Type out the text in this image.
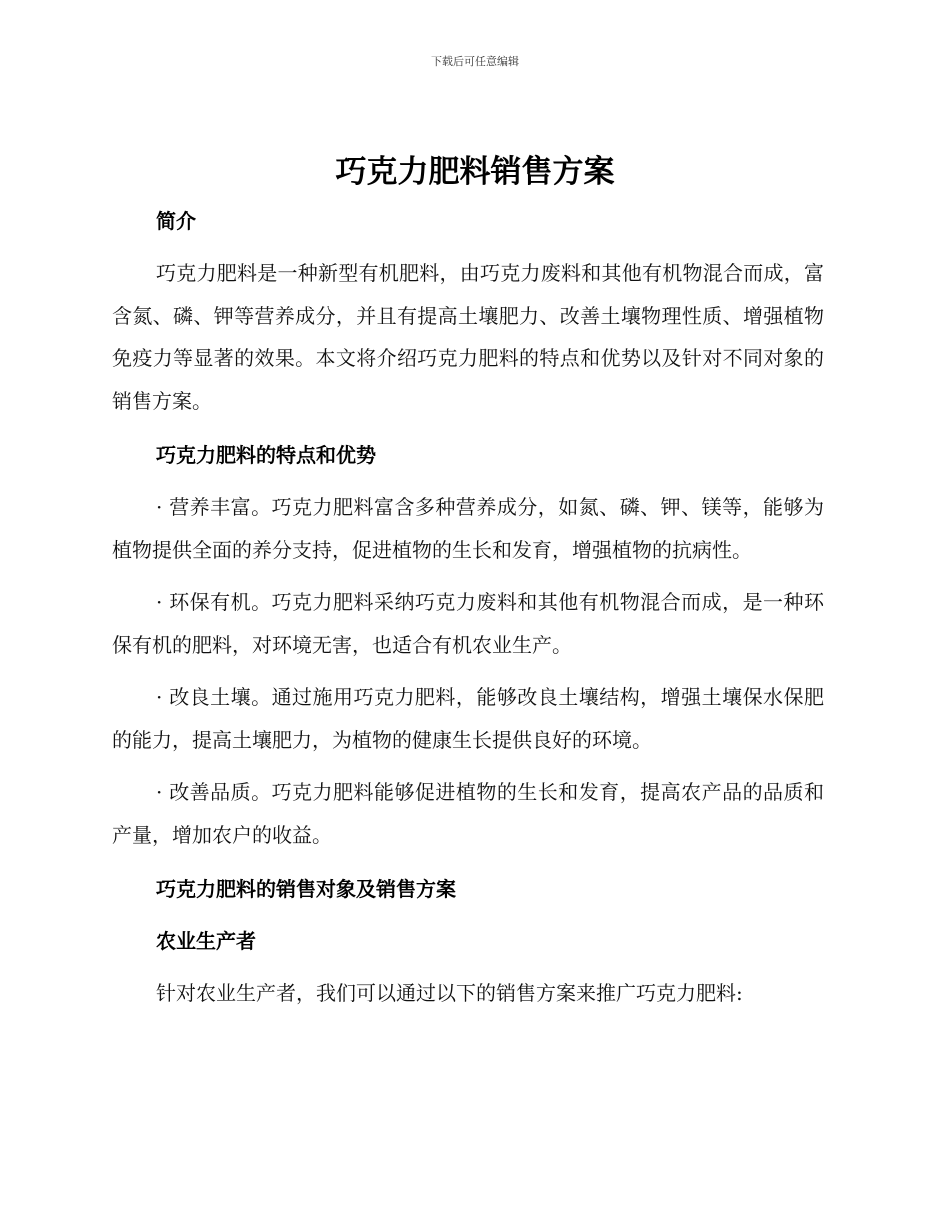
下载后可任意编辑
巧克力肥料销售方案
简介

巧克力肥料是一种新型有机肥料，由巧克力废料和其他有机物混合而成，富含氮、磷、钾等营养成分，并且有提高土壤肥力、改善土壤物理性质、增强植物免疫力等显著的效果。本文将介绍巧克力肥料的特点和优势以及针对不同对象的销售方案。

巧克力肥料的特点和优势

· 营养丰富。巧克力肥料富含多种营养成分，如氮、磷、钾、镁等，能够为植物提供全面的养分支持，促进植物的生长和发育，增强植物的抗病性。

· 环保有机。巧克力肥料采纳巧克力废料和其他有机物混合而成，是一种环保有机的肥料，对环境无害，也适合有机农业生产。

· 改良土壤。通过施用巧克力肥料，能够改良土壤结构，增强土壤保水保肥的能力，提高土壤肥力，为植物的健康生长提供良好的环境。

· 改善品质。巧克力肥料能够促进植物的生长和发育，提高农产品的品质和产量，增加农户的收益。

巧克力肥料的销售对象及销售方案
农业生产者

针对农业生产者，我们可以通过以下的销售方案来推广巧克力肥料:
